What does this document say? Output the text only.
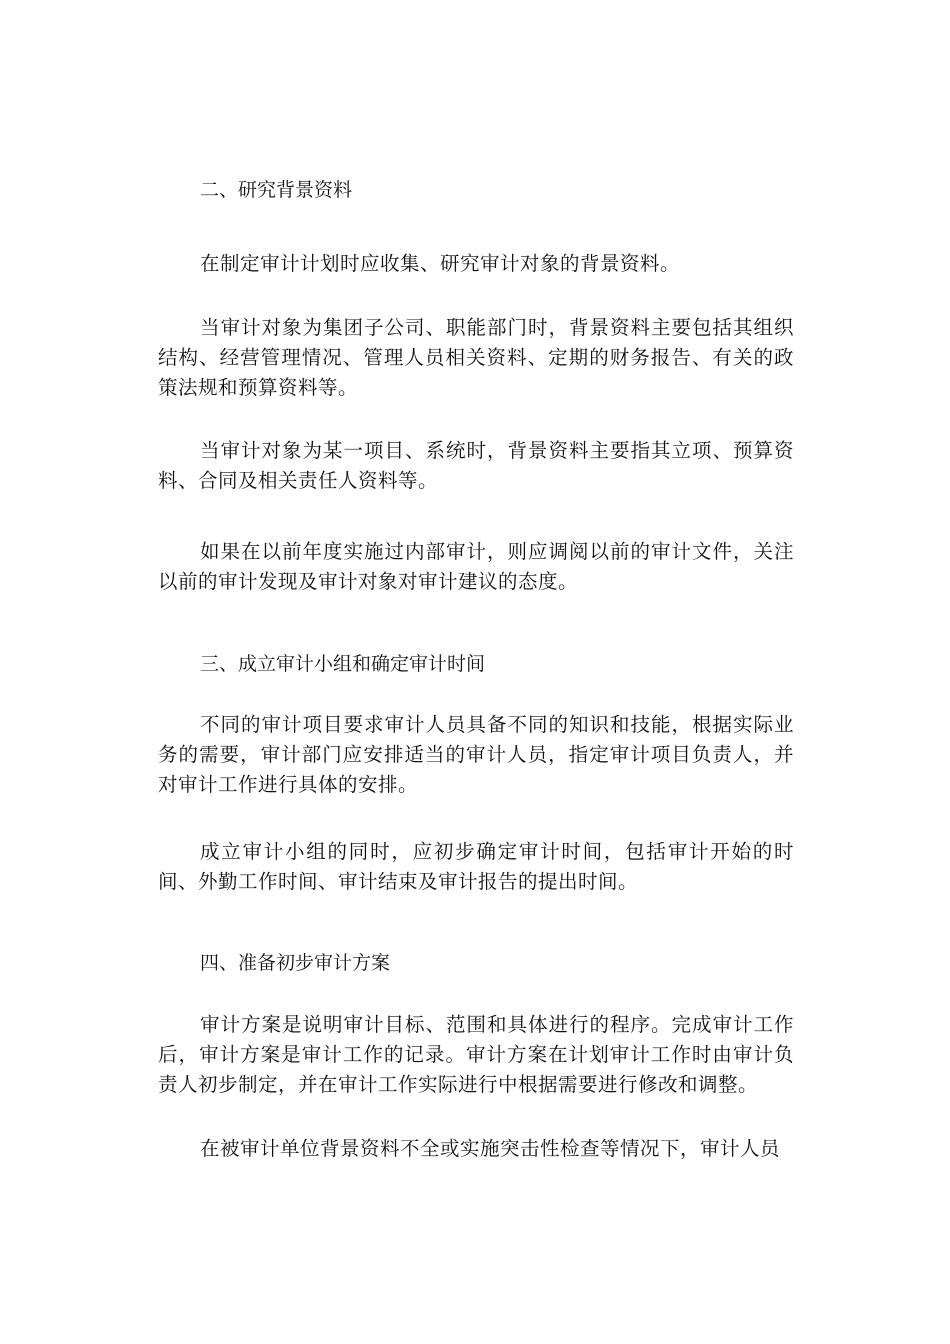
二、研究背景资料
在制定审计计划时应收集、研究审计对象的背景资料。
当审计对象为集团子公司、职能部门时，背景资料主要包括其组织结构、经营管理情况、管理人员相关资料、定期的财务报告、有关的政策法规和预算资料等。
当审计对象为某一项目、系统时，背景资料主要指其立项、预算资料、合同及相关责任人资料等。
如果在以前年度实施过内部审计，则应调阅以前的审计文件，关注以前的审计发现及审计对象对审计建议的态度。
三、成立审计小组和确定审计时间
不同的审计项目要求审计人员具备不同的知识和技能，根据实际业务的需要，审计部门应安排适当的审计人员，指定审计项目负责人，并对审计工作进行具体的安排。
成立审计小组的同时，应初步确定审计时间，包括审计开始的时间、外勤工作时间、审计结束及审计报告的提出时间。
四、准备初步审计方案
审计方案是说明审计目标、范围和具体进行的程序。完成审计工作后，审计方案是审计工作的记录。审计方案在计划审计工作时由审计负责人初步制定，并在审计工作实际进行中根据需要进行修改和调整。
在被审计单位背景资料不全或实施突击性检查等情况下，审计人员
